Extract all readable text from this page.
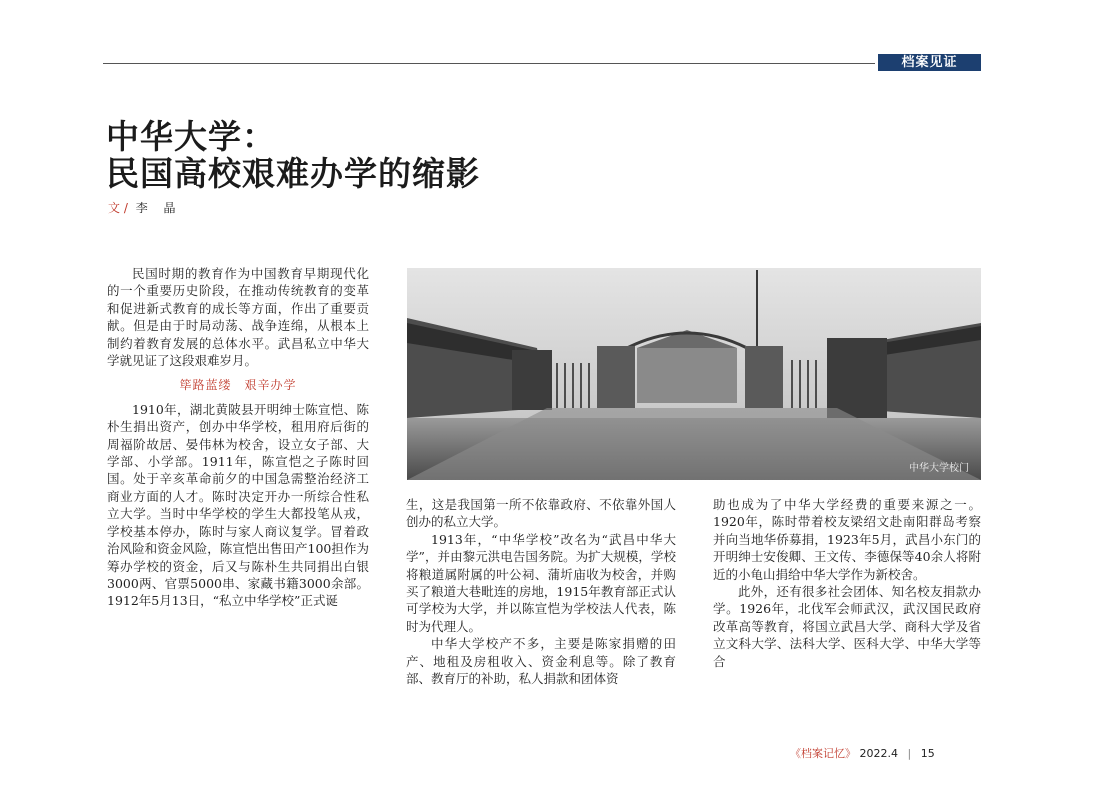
档案见证
中华大学：
民国高校艰难办学的缩影
文 / 李 晶

民国时期的教育作为中国教育早期现代化的一个重要历史阶段，在推动传统教育的变革和促进新式教育的成长等方面，作出了重要贡献。但是由于时局动荡、战争连绵，从根本上制约着教育发展的总体水平。武昌私立中华大学就见证了这段艰难岁月。

筚路蓝缕　艰辛办学

1910年，湖北黄陂县开明绅士陈宣恺、陈朴生捐出资产，创办中华学校，租用府后街的周福阶故居、晏伟林为校舍，设立女子部、大学部、小学部。1911年，陈宣恺之子陈时回国。处于辛亥革命前夕的中国急需整治经济工商业方面的人才。陈时决定开办一所综合性私立大学。当时中华学校的学生大都投笔从戎，学校基本停办，陈时与家人商议复学。冒着政治风险和资金风险，陈宣恺出售田产100担作为筹办学校的资金，后又与陈朴生共同捐出白银3000两、官票5000串、家藏书籍3000余部。1912年5月13日，“私立中华学校”正式诞

中华大学校门

生，这是我国第一所不依靠政府、不依靠外国人创办的私立大学。

1913年，“中华学校”改名为“武昌中华大学”，并由黎元洪电告国务院。为扩大规模，学校将粮道属附属的叶公祠、蒲圻庙收为校舍，并购买了粮道大巷毗连的房地，1915年教育部正式认可学校为大学，并以陈宣恺为学校法人代表，陈时为代理人。

中华大学校产不多，主要是陈家捐赠的田产、地租及房租收入、资金利息等。除了教育部、教育厅的补助，私人捐款和团体资

助也成为了中华大学经费的重要来源之一。1920年，陈时带着校友梁绍文赴南阳群岛考察并向当地华侨募捐，1923年5月，武昌小东门的开明绅士安俊卿、王文传、李德保等40余人将附近的小龟山捐给中华大学作为新校舍。

此外，还有很多社会团体、知名校友捐款办学。1926年，北伐军会师武汉，武汉国民政府改革高等教育，将国立武昌大学、商科大学及省立文科大学、法科大学、医科大学、中华大学等合

《档案记忆》 2022.4 | 15
